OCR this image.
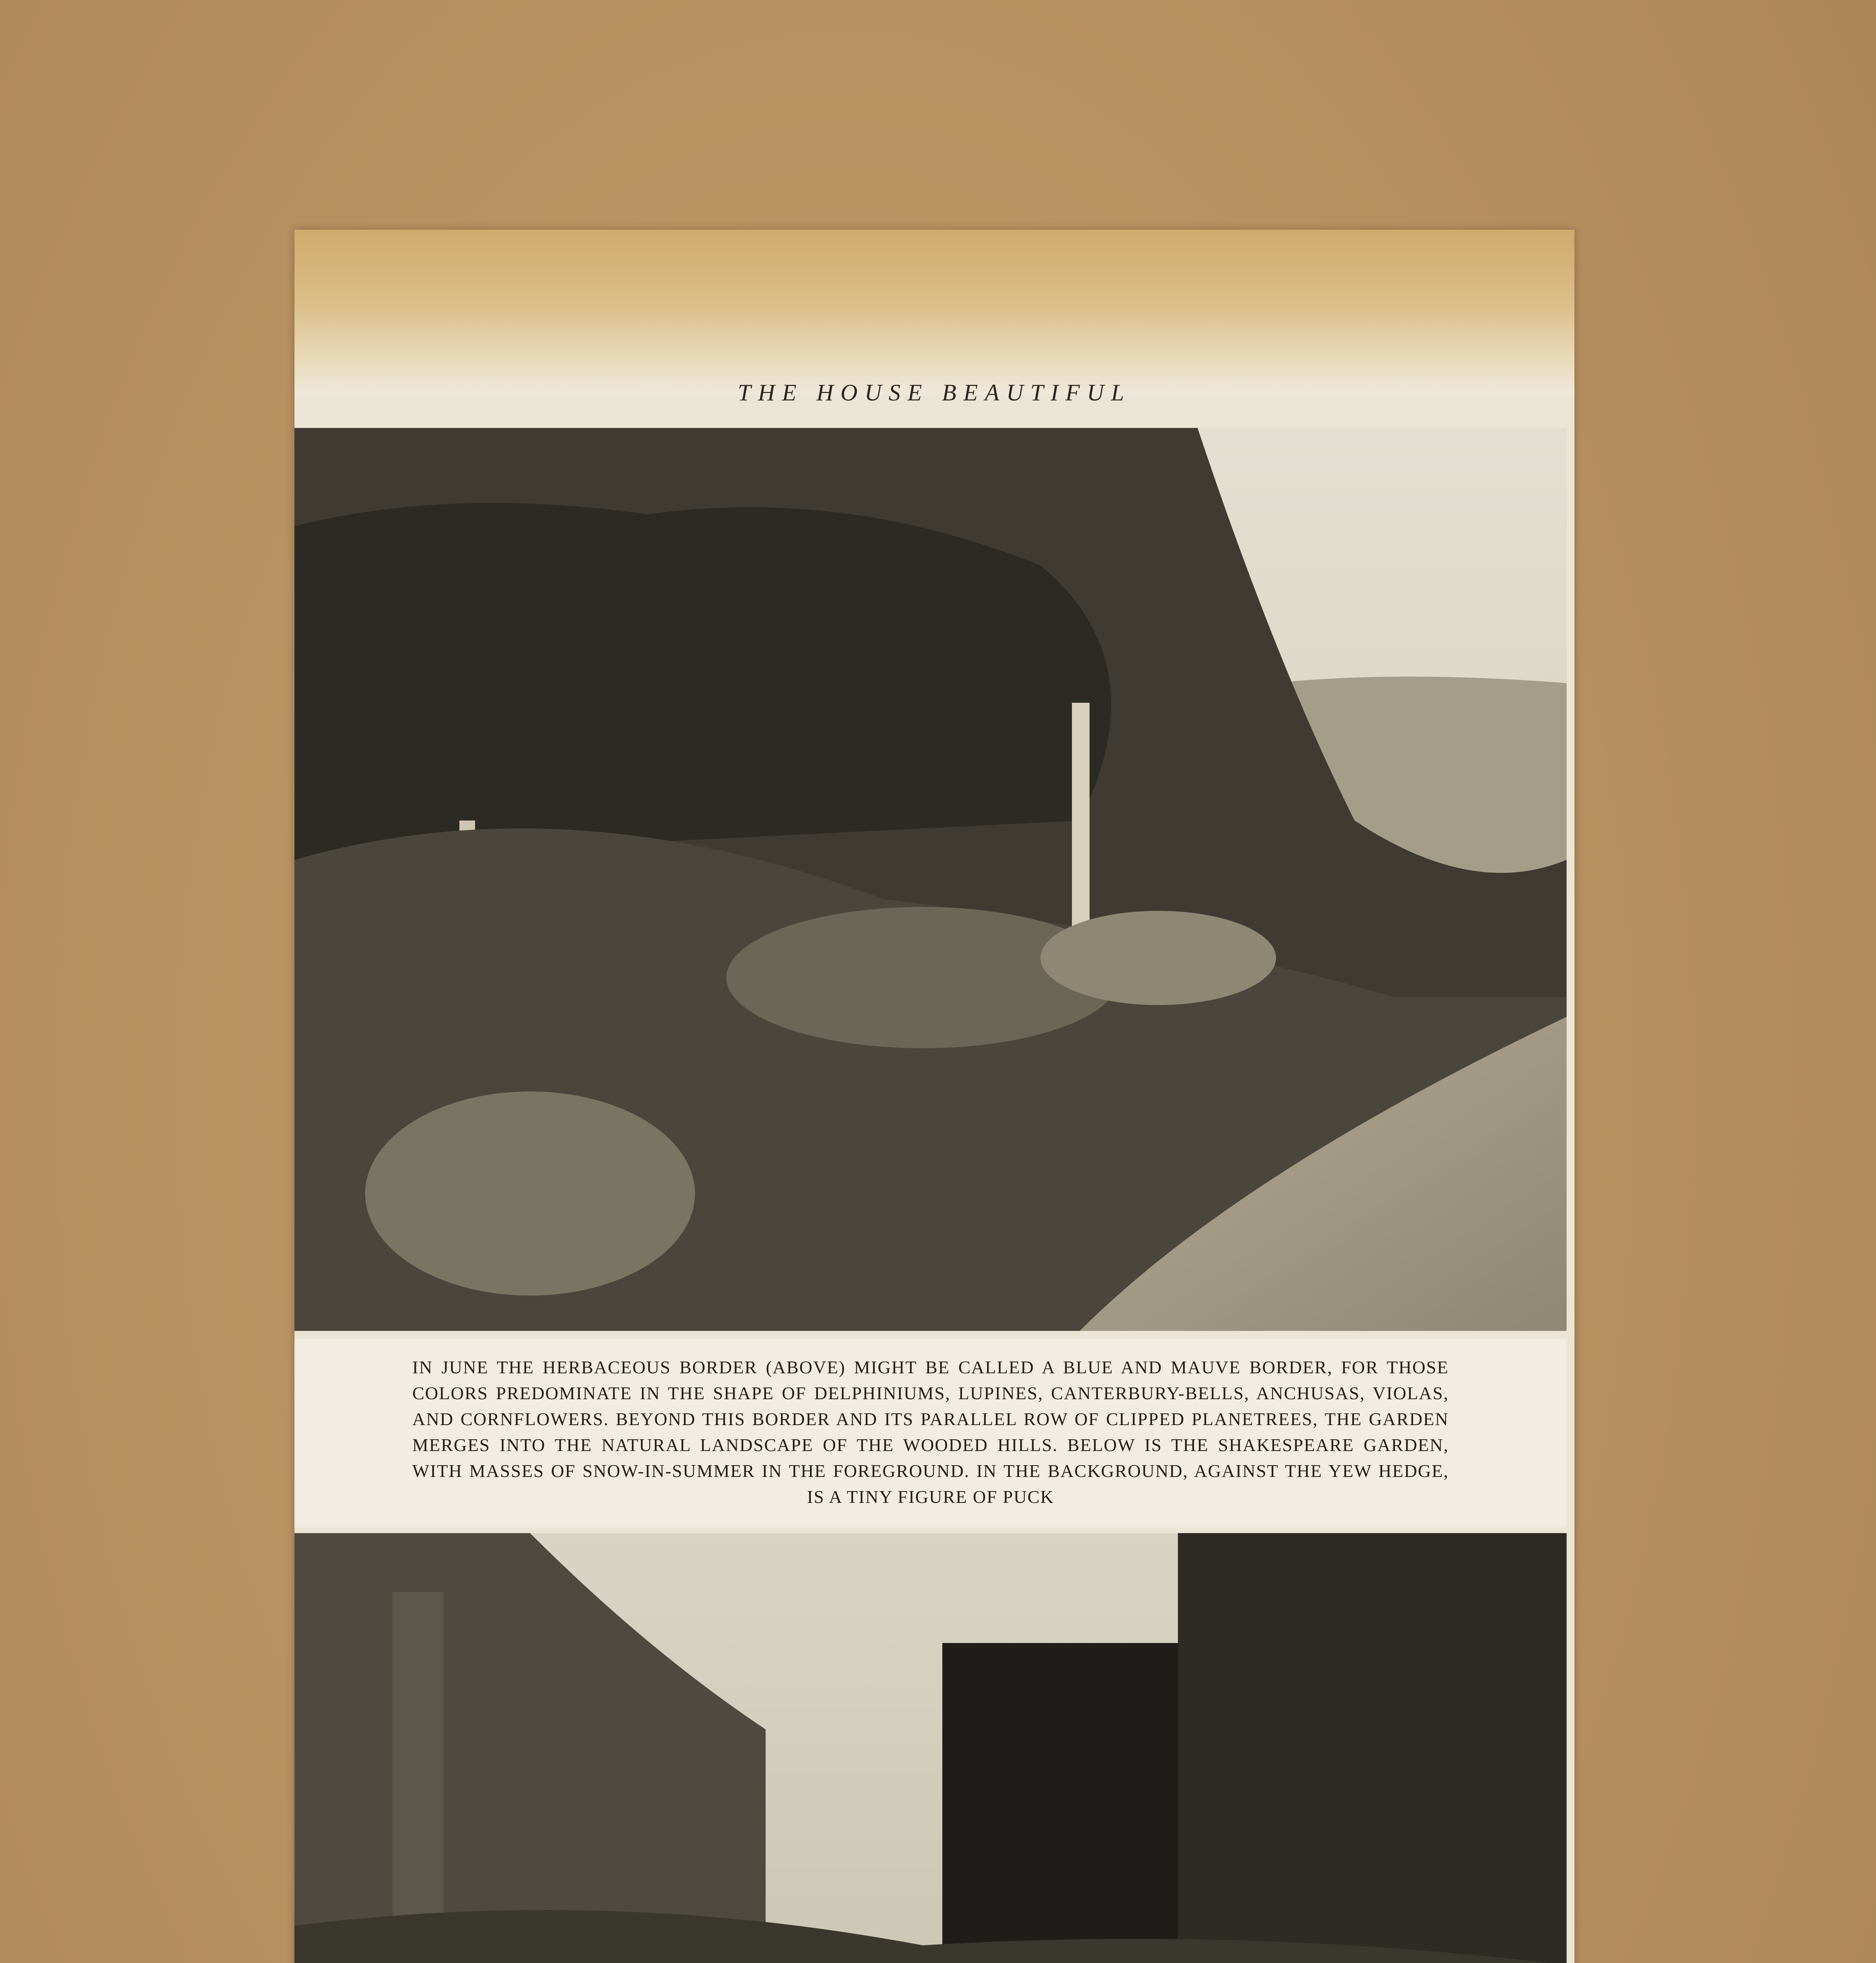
THE HOUSE BEAUTIFUL
IN JUNE THE HERBACEOUS BORDER (ABOVE) MIGHT BE CALLED A BLUE AND MAUVE BORDER, FOR THOSE COLORS PREDOMINATE IN THE SHAPE OF DELPHINIUMS, LUPINES, CANTERBURY-BELLS, ANCHUSAS, VIOLAS, AND CORNFLOWERS. BEYOND THIS BORDER AND ITS PARALLEL ROW OF CLIPPED PLANETREES, THE GARDEN MERGES INTO THE NATURAL LANDSCAPE OF THE WOODED HILLS. BELOW IS THE SHAKESPEARE GARDEN, WITH MASSES OF SNOW-IN-SUMMER IN THE FOREGROUND. IN THE BACKGROUND, AGAINST THE YEW HEDGE, IS A TINY FIGURE OF PUCK
